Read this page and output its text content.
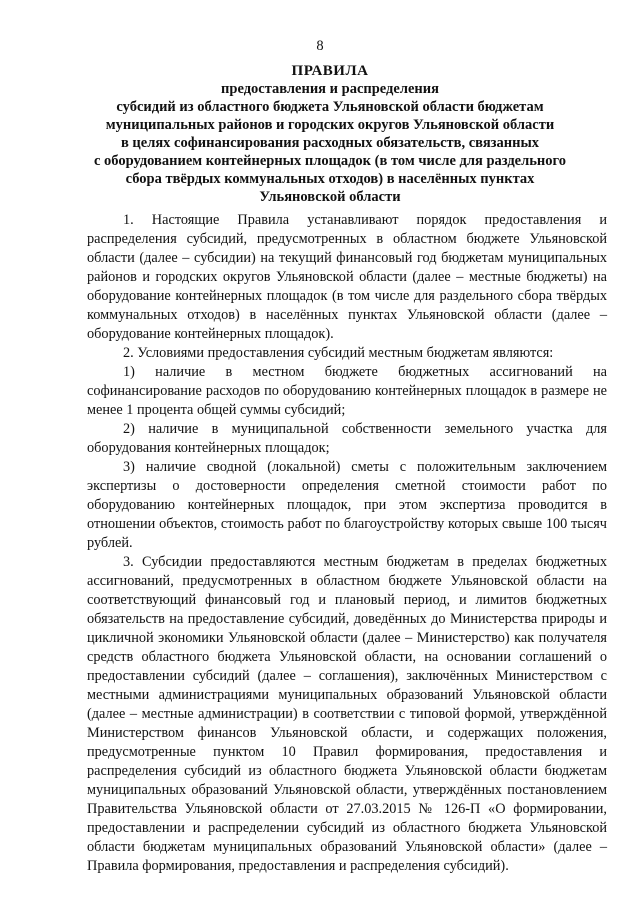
8
ПРАВИЛА
предоставления и распределения
субсидий из областного бюджета Ульяновской области бюджетам
муниципальных районов и городских округов Ульяновской области
в целях софинансирования расходных обязательств, связанных
с оборудованием контейнерных площадок (в том числе для раздельного
сбора твёрдых коммунальных отходов) в населённых пунктах
Ульяновской области

1. Настоящие Правила устанавливают порядок предоставления и распределения субсидий, предусмотренных в областном бюджете Ульяновской области (далее – субсидии) на текущий финансовый год бюджетам муниципальных районов и городских округов Ульяновской области (далее – местные бюджеты) на оборудование контейнерных площадок (в том числе для раздельного сбора твёрдых коммунальных отходов) в населённых пунктах Ульяновской области (далее – оборудование контейнерных площадок).

2. Условиями предоставления субсидий местным бюджетам являются:

1) наличие в местном бюджете бюджетных ассигнований на софинансирование расходов по оборудованию контейнерных площадок в размере не менее 1 процента общей суммы субсидий;

2) наличие в муниципальной собственности земельного участка для оборудования контейнерных площадок;

3) наличие сводной (локальной) сметы с положительным заключением экспертизы о достоверности определения сметной стоимости работ по оборудованию контейнерных площадок, при этом экспертиза проводится в отношении объектов, стоимость работ по благоустройству которых свыше 100 тысяч рублей.

3. Субсидии предоставляются местным бюджетам в пределах бюджетных ассигнований, предусмотренных в областном бюджете Ульяновской области на соответствующий финансовый год и плановый период, и лимитов бюджетных обязательств на предоставление субсидий, доведённых до Министерства природы и цикличной экономики Ульяновской области (далее – Министерство) как получателя средств областного бюджета Ульяновской области, на основании соглашений о предоставлении субсидий (далее – соглашения), заключённых Министерством с местными администрациями муниципальных образований Ульяновской области (далее – местные администрации) в соответствии с типовой формой, утверждённой Министерством финансов Ульяновской области, и содержащих положения, предусмотренные пунктом 10 Правил формирования, предоставления и распределения субсидий из областного бюджета Ульяновской области бюджетам муниципальных образований Ульяновской области, утверждённых постановлением Правительства Ульяновской области от 27.03.2015 № 126-П «О формировании, предоставлении и распределении субсидий из областного бюджета Ульяновской области бюджетам муниципальных образований Ульяновской области» (далее – Правила формирования, предоставления и распределения субсидий).
